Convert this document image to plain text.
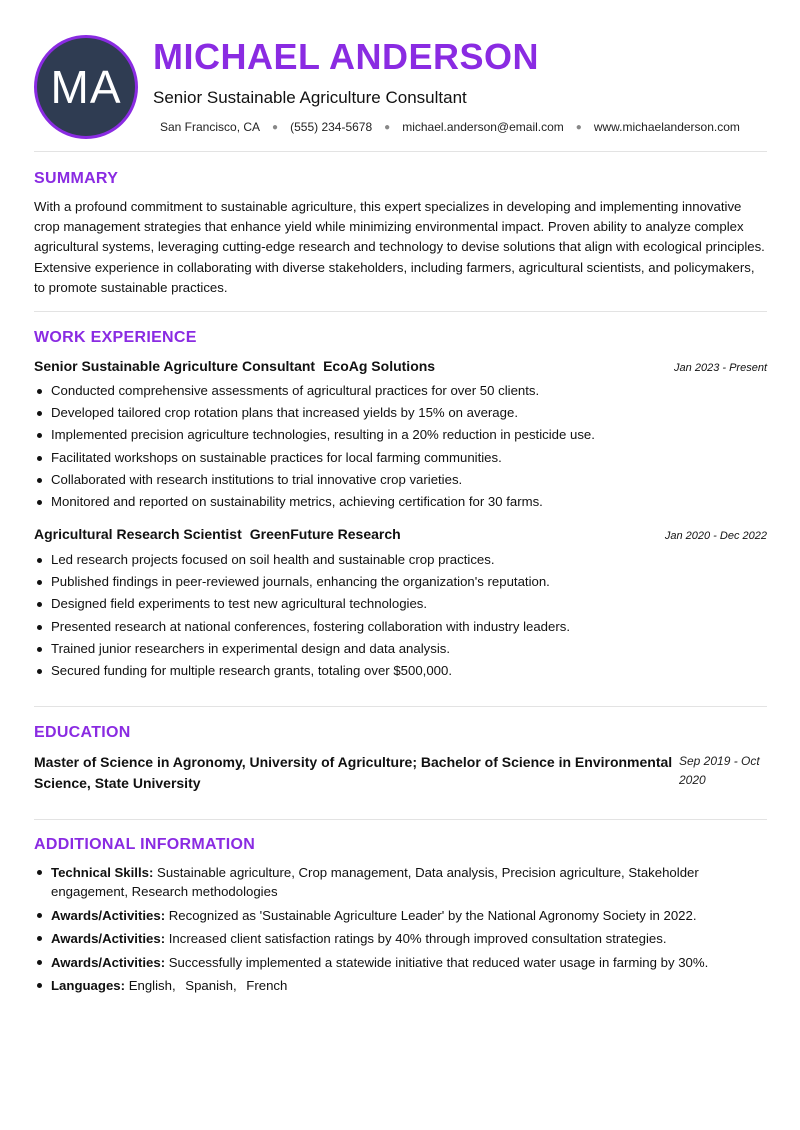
MA
MICHAEL ANDERSON
Senior Sustainable Agriculture Consultant
San Francisco, CA ● (555) 234-5678 ● michael.anderson@email.com ● www.michaelanderson.com
SUMMARY

With a profound commitment to sustainable agriculture, this expert specializes in developing and implementing innovative crop management strategies that enhance yield while minimizing environmental impact. Proven ability to analyze complex agricultural systems, leveraging cutting-edge research and technology to devise solutions that align with ecological principles. Extensive experience in collaborating with diverse stakeholders, including farmers, agricultural scientists, and policymakers, to promote sustainable practices.

WORK EXPERIENCE
Senior Sustainable Agriculture Consultant EcoAg Solutions	Jan 2023 - Present
Conducted comprehensive assessments of agricultural practices for over 50 clients.
Developed tailored crop rotation plans that increased yields by 15% on average.
Implemented precision agriculture technologies, resulting in a 20% reduction in pesticide use.
Facilitated workshops on sustainable practices for local farming communities.
Collaborated with research institutions to trial innovative crop varieties.
Monitored and reported on sustainability metrics, achieving certification for 30 farms.
Agricultural Research Scientist GreenFuture Research	Jan 2020 - Dec 2022
Led research projects focused on soil health and sustainable crop practices.
Published findings in peer-reviewed journals, enhancing the organization's reputation.
Designed field experiments to test new agricultural technologies.
Presented research at national conferences, fostering collaboration with industry leaders.
Trained junior researchers in experimental design and data analysis.
Secured funding for multiple research grants, totaling over $500,000.
EDUCATION
Master of Science in Agronomy, University of Agriculture; Bachelor of Science in Environmental Science, State University
Sep 2019 - Oct 2020
ADDITIONAL INFORMATION
Technical Skills: Sustainable agriculture, Crop management, Data analysis, Precision agriculture, Stakeholder engagement, Research methodologies
Awards/Activities: Recognized as 'Sustainable Agriculture Leader' by the National Agronomy Society in 2022.
Awards/Activities: Increased client satisfaction ratings by 40% through improved consultation strategies.
Awards/Activities: Successfully implemented a statewide initiative that reduced water usage in farming by 30%.
Languages: English, Spanish, French
